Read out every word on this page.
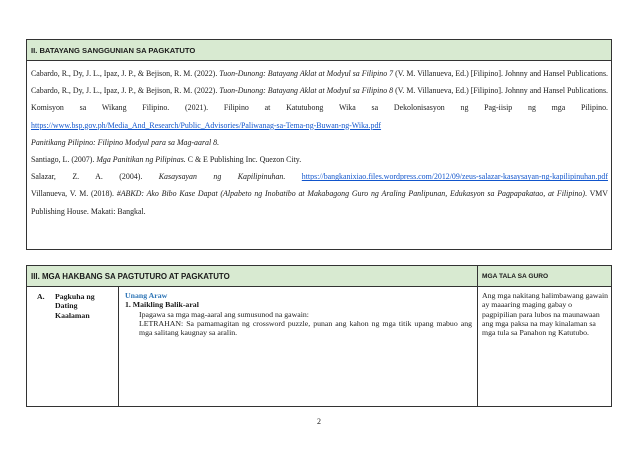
II. BATAYANG SANGGUNIAN SA PAGKATUTO

Cabardo, R., Dy, J. L., Ipaz, J. P., & Bejison, R. M. (2022). Tuon-Dunong: Batayang Aklat at Modyul sa Filipino 7 (V. M. Villanueva, Ed.) [Filipino]. Johnny and Hansel Publications.

Cabardo, R., Dy, J. L., Ipaz, J. P., & Bejison, R. M. (2022). Tuon-Dunong: Batayang Aklat at Modyul sa Filipino 8 (V. M. Villanueva, Ed.) [Filipino]. Johnny and Hansel Publications.

Komisyon sa Wikang Filipino. (2021). Filipino at Katutubong Wika sa Dekolonisasyon ng Pag-iisip ng mga Pilipino.
https://www.bsp.gov.ph/Media_And_Research/Public_Advisories/Paliwanag-sa-Tema-ng-Buwan-ng-Wika.pdf

Panitikang Pilipino: Filipino Modyul para sa Mag-aaral 8.

Santiago, L. (2007). Mga Panitikan ng Pilipinas. C & E Publishing Inc. Quezon City.

Salazar, Z. A. (2004). Kasaysayan ng Kapilipinuhan. https://bangkanixiao.files.wordpress.com/2012/09/zeus-salazar-kasaysayan-ng-kapilipinuhan.pdf

Villanueva, V. M. (2018). #ABKD: Ako Bibo Kase Dapat (Alpabeto ng Inobatibo at Makabagong Guro ng Araling Panlipunan, Edukasyon sa Pagpapakatao, at Filipino). VMV Publishing House. Makati: Bangkal.

III. MGA HAKBANG SA PAGTUTURO AT PAGKATUTO	MGA TALA SA GURO
A.	Pagkuha ng Dating Kaalaman
Unang Araw
1. Maikling Balik-aral
Ipagawa sa mga mag-aaral ang sumusunod na gawain:
LETRAHAN: Sa pamamagitan ng crossword puzzle, punan ang kahon ng mga titik upang mabuo ang mga salitang kaugnay sa aralin.
Ang mga nakitang halimbawang gawain ay maaaring maging gabay o pagpipilian para lubos na maunawaan ang mga paksa na may kinalaman sa mga tula sa Panahon ng Katutubo.
2
